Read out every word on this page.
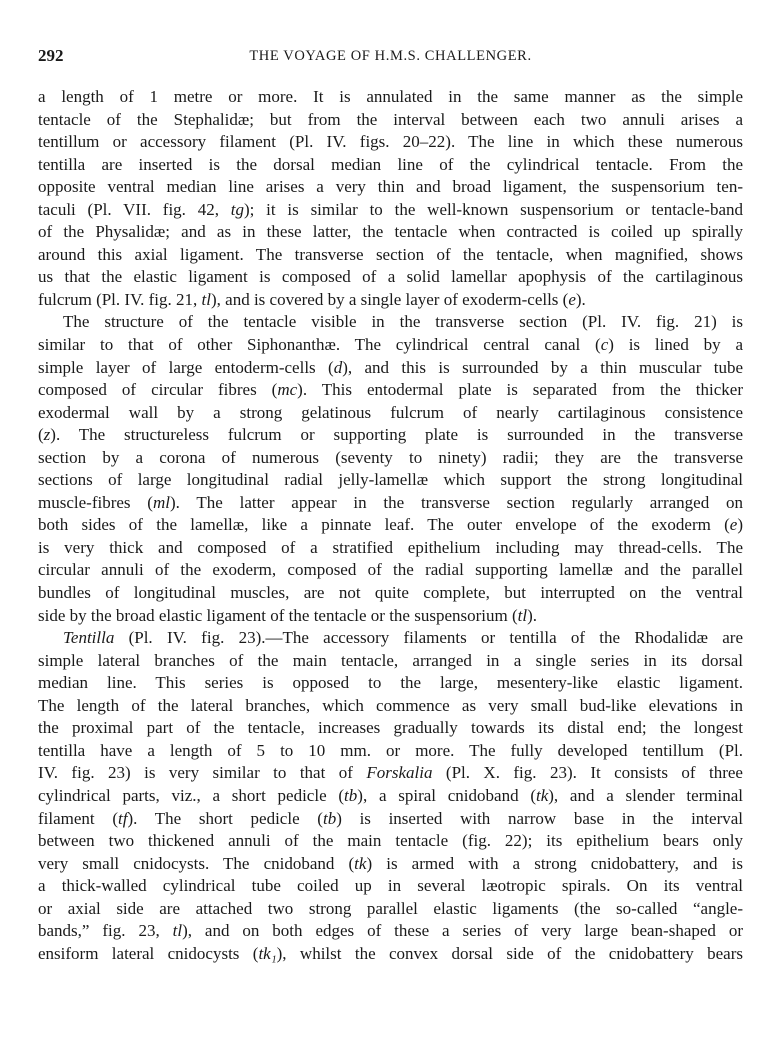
292	THE VOYAGE OF H.M.S. CHALLENGER.
a length of 1 metre or more. It is annulated in the same manner as the simple
tentacle of the Stephalidæ; but from the interval between each two annuli arises a
tentillum or accessory filament (Pl. IV. figs. 20–22). The line in which these numerous
tentilla are inserted is the dorsal median line of the cylindrical tentacle. From the
opposite ventral median line arises a very thin and broad ligament, the suspensorium ten-
taculi (Pl. VII. fig. 42, tg); it is similar to the well-known suspensorium or tentacle-band
of the Physalidæ; and as in these latter, the tentacle when contracted is coiled up spirally
around this axial ligament. The transverse section of the tentacle, when magnified, shows
us that the elastic ligament is composed of a solid lamellar apophysis of the cartilaginous
fulcrum (Pl. IV. fig. 21, tl), and is covered by a single layer of exoderm-cells (e).
The structure of the tentacle visible in the transverse section (Pl. IV. fig. 21) is
similar to that of other Siphonanthæ. The cylindrical central canal (c) is lined by a
simple layer of large entoderm-cells (d), and this is surrounded by a thin muscular tube
composed of circular fibres (mc). This entodermal plate is separated from the thicker
exodermal wall by a strong gelatinous fulcrum of nearly cartilaginous consistence
(z). The structureless fulcrum or supporting plate is surrounded in the transverse
section by a corona of numerous (seventy to ninety) radii; they are the transverse
sections of large longitudinal radial jelly-lamellæ which support the strong longitudinal
muscle-fibres (ml). The latter appear in the transverse section regularly arranged on
both sides of the lamellæ, like a pinnate leaf. The outer envelope of the exoderm (e)
is very thick and composed of a stratified epithelium including may thread-cells. The
circular annuli of the exoderm, composed of the radial supporting lamellæ and the parallel
bundles of longitudinal muscles, are not quite complete, but interrupted on the ventral
side by the broad elastic ligament of the tentacle or the suspensorium (tl).
Tentilla (Pl. IV. fig. 23).—The accessory filaments or tentilla of the Rhodalidæ are
simple lateral branches of the main tentacle, arranged in a single series in its dorsal
median line. This series is opposed to the large, mesentery-like elastic ligament.
The length of the lateral branches, which commence as very small bud-like elevations in
the proximal part of the tentacle, increases gradually towards its distal end; the longest
tentilla have a length of 5 to 10 mm. or more. The fully developed tentillum (Pl.
IV. fig. 23) is very similar to that of Forskalia (Pl. X. fig. 23). It consists of three
cylindrical parts, viz., a short pedicle (tb), a spiral cnidoband (tk), and a slender terminal
filament (tf). The short pedicle (tb) is inserted with narrow base in the interval
between two thickened annuli of the main tentacle (fig. 22); its epithelium bears only
very small cnidocysts. The cnidoband (tk) is armed with a strong cnidobattery, and is
a thick-walled cylindrical tube coiled up in several læotropic spirals. On its ventral
or axial side are attached two strong parallel elastic ligaments (the so-called “angle-
bands,” fig. 23, tl), and on both edges of these a series of very large bean-shaped or
ensiform lateral cnidocysts (tk₁), whilst the convex dorsal side of the cnidobattery bears
